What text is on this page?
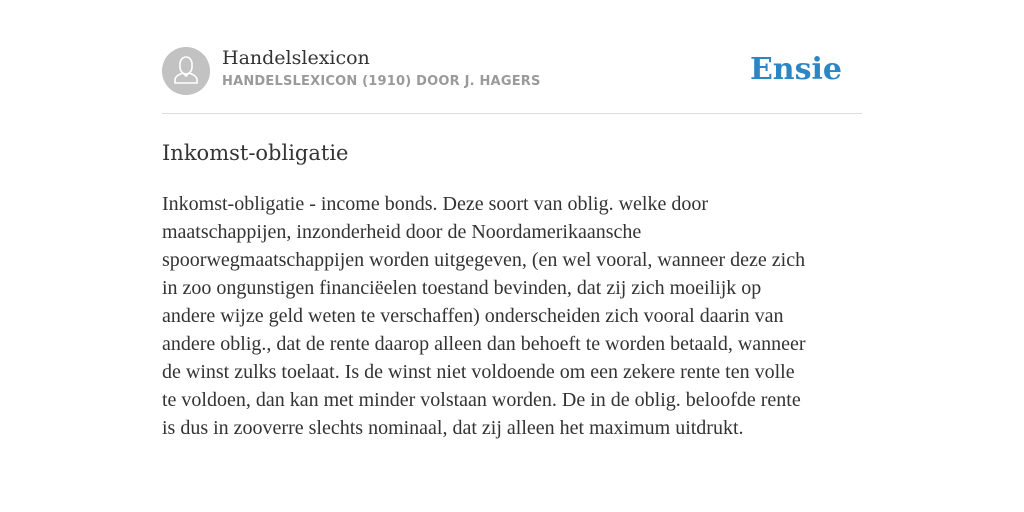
Handelslexicon
HANDELSLEXICON (1910) DOOR J. HAGERS	Ensie
Inkomst-obligatie

Inkomst-obligatie - income bonds. Deze soort van oblig. welke door
maatschappijen, inzonderheid door de Noordamerikaansche
spoorwegmaatschappijen worden uitgegeven, (en wel vooral, wanneer deze zich
in zoo ongunstigen financiëelen toestand bevinden, dat zij zich moeilijk op
andere wijze geld weten te verschaffen) onderscheiden zich vooral daarin van
andere oblig., dat de rente daarop alleen dan behoeft te worden betaald, wanneer
de winst zulks toelaat. Is de winst niet voldoende om een zekere rente ten volle
te voldoen, dan kan met minder volstaan worden. De in de oblig. beloofde rente
is dus in zooverre slechts nominaal, dat zij alleen het maximum uitdrukt.
